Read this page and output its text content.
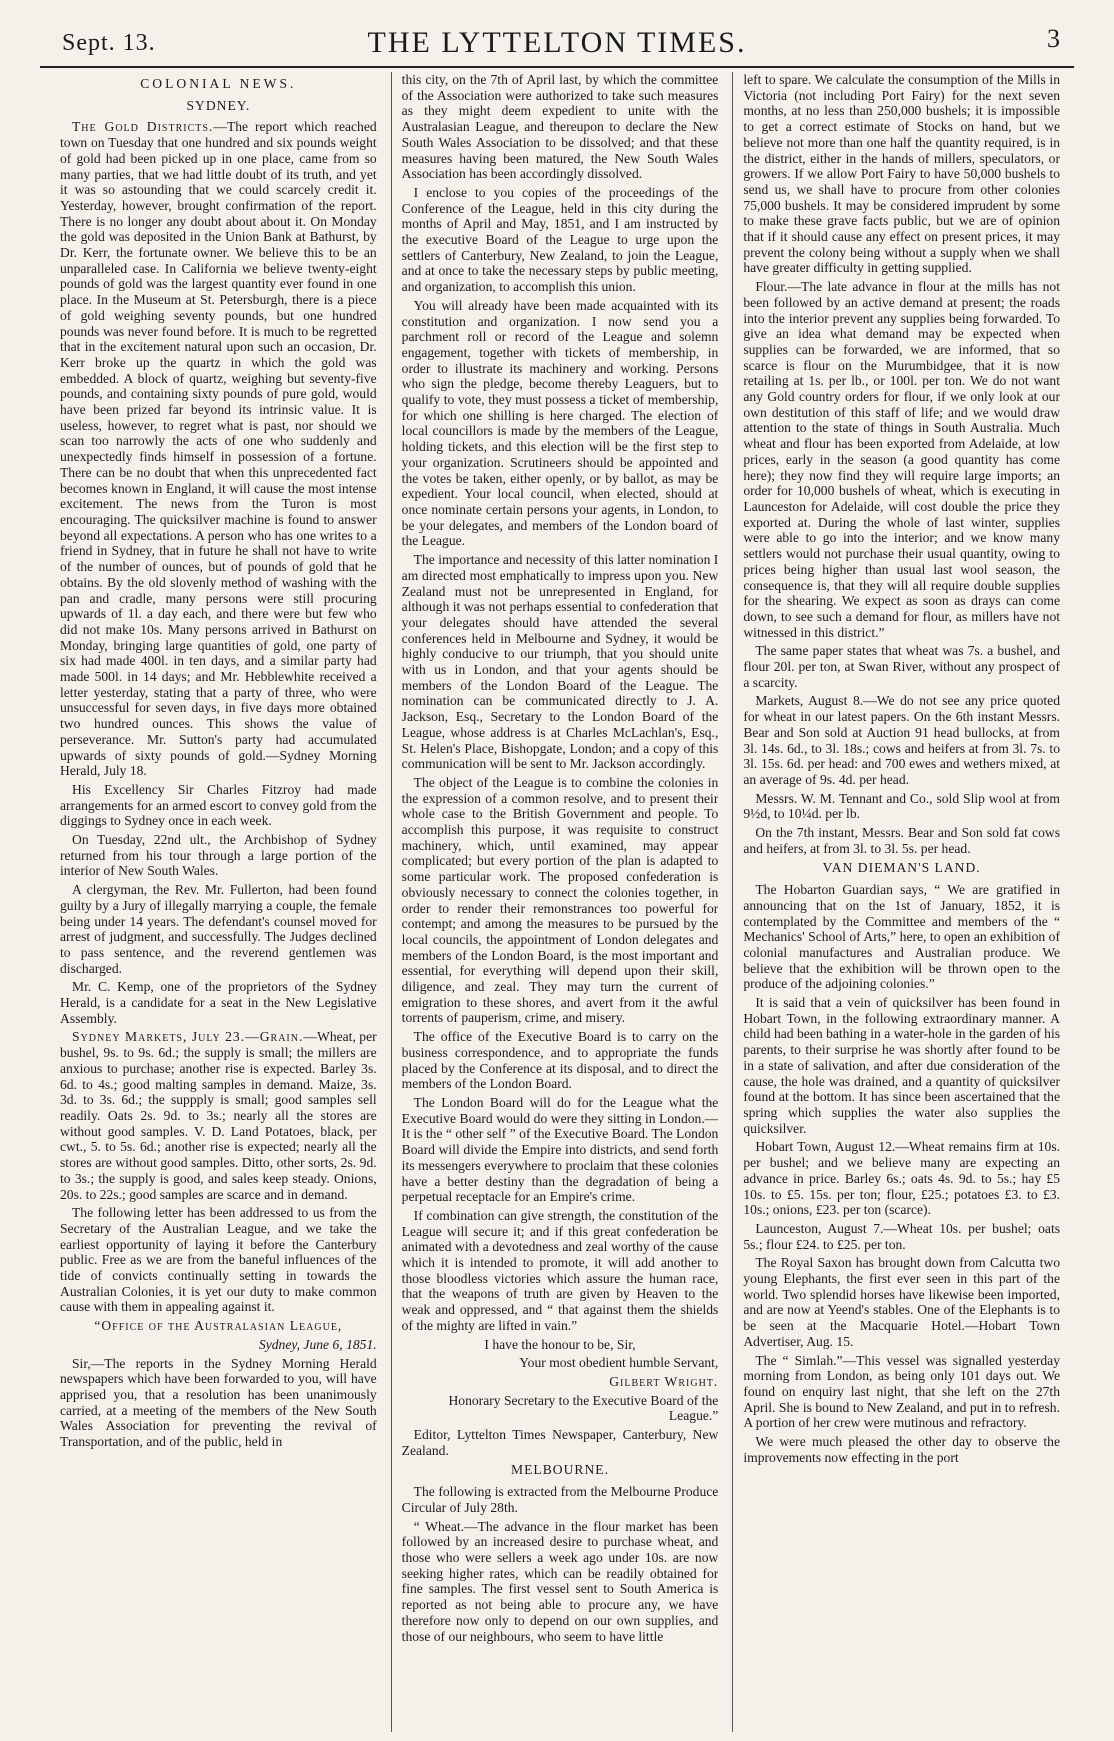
Sept. 13.	THE LYTTELTON TIMES.	3
COLONIAL NEWS.
SYDNEY.

The Gold Districts.—The report which reached town on Tuesday that one hundred and six pounds weight of gold had been picked up in one place, came from so many parties, that we had little doubt of its truth, and yet it was so astounding that we could scarcely credit it. Yesterday, however, brought confirmation of the report. There is no longer any doubt about about it. On Monday the gold was deposited in the Union Bank at Bathurst, by Dr. Kerr, the fortunate owner. We believe this to be an unparalleled case. In California we believe twenty-eight pounds of gold was the largest quantity ever found in one place. In the Museum at St. Petersburgh, there is a piece of gold weighing seventy pounds, but one hundred pounds was never found before. It is much to be regretted that in the excitement natural upon such an occasion, Dr. Kerr broke up the quartz in which the gold was embedded. A block of quartz, weighing but seventy-five pounds, and containing sixty pounds of pure gold, would have been prized far beyond its intrinsic value. It is useless, however, to regret what is past, nor should we scan too narrowly the acts of one who suddenly and unexpectedly finds himself in possession of a fortune. There can be no doubt that when this unprecedented fact becomes known in England, it will cause the most intense excitement. The news from the Turon is most encouraging. The quicksilver machine is found to answer beyond all expectations. A person who has one writes to a friend in Sydney, that in future he shall not have to write of the number of ounces, but of pounds of gold that he obtains. By the old slovenly method of washing with the pan and cradle, many persons were still procuring upwards of 1l. a day each, and there were but few who did not make 10s. Many persons arrived in Bathurst on Monday, bringing large quantities of gold, one party of six had made 400l. in ten days, and a similar party had made 500l. in 14 days; and Mr. Hebblewhite received a letter yesterday, stating that a party of three, who were unsuccessful for seven days, in five days more obtained two hundred ounces. This shows the value of perseverance. Mr. Sutton's party had accumulated upwards of sixty pounds of gold.—Sydney Morning Herald, July 18.

His Excellency Sir Charles Fitzroy had made arrangements for an armed escort to convey gold from the diggings to Sydney once in each week.

On Tuesday, 22nd ult., the Archbishop of Sydney returned from his tour through a large portion of the interior of New South Wales.

A clergyman, the Rev. Mr. Fullerton, had been found guilty by a Jury of illegally marrying a couple, the female being under 14 years. The defendant's counsel moved for arrest of judgment, and successfully. The Judges declined to pass sentence, and the reverend gentlemen was discharged.

Mr. C. Kemp, one of the proprietors of the Sydney Herald, is a candidate for a seat in the New Legislative Assembly.

Sydney Markets, July 23.—Grain.—Wheat, per bushel, 9s. to 9s. 6d.; the supply is small; the millers are anxious to purchase; another rise is expected. Barley 3s. 6d. to 4s.; good malting samples in demand. Maize, 3s. 3d. to 3s. 6d.; the suppply is small; good samples sell readily. Oats 2s. 9d. to 3s.; nearly all the stores are without good samples. V. D. Land Potatoes, black, per cwt., 5. to 5s. 6d.; another rise is expected; nearly all the stores are without good samples. Ditto, other sorts, 2s. 9d. to 3s.; the supply is good, and sales keep steady. Onions, 20s. to 22s.; good samples are scarce and in demand.

The following letter has been addressed to us from the Secretary of the Australian League, and we take the earliest opportunity of laying it before the Canterbury public. Free as we are from the baneful influences of the tide of convicts continually setting in towards the Australian Colonies, it is yet our duty to make common cause with them in appealing against it.

“Office of the Australasian League,

Sydney, June 6, 1851.

Sir,—The reports in the Sydney Morning Herald newspapers which have been forwarded to you, will have apprised you, that a resolution has been unanimously carried, at a meeting of the members of the New South Wales Association for preventing the revival of Transportation, and of the public, held in

this city, on the 7th of April last, by which the committee of the Association were authorized to take such measures as they might deem expedient to unite with the Australasian League, and thereupon to declare the New South Wales Association to be dissolved; and that these measures having been matured, the New South Wales Association has been accordingly dissolved.

I enclose to you copies of the proceedings of the Conference of the League, held in this city during the months of April and May, 1851, and I am instructed by the executive Board of the League to urge upon the settlers of Canterbury, New Zealand, to join the League, and at once to take the necessary steps by public meeting, and organization, to accomplish this union.

You will already have been made acquainted with its constitution and organization. I now send you a parchment roll or record of the League and solemn engagement, together with tickets of membership, in order to illustrate its machinery and working. Persons who sign the pledge, become thereby Leaguers, but to qualify to vote, they must possess a ticket of membership, for which one shilling is here charged. The election of local councillors is made by the members of the League, holding tickets, and this election will be the first step to your organization. Scrutineers should be appointed and the votes be taken, either openly, or by ballot, as may be expedient. Your local council, when elected, should at once nominate certain persons your agents, in London, to be your delegates, and members of the London board of the League.

The importance and necessity of this latter nomination I am directed most emphatically to impress upon you. New Zealand must not be unrepresented in England, for although it was not perhaps essential to confederation that your delegates should have attended the several conferences held in Melbourne and Sydney, it would be highly conducive to our triumph, that you should unite with us in London, and that your agents should be members of the London Board of the League. The nomination can be communicated directly to J. A. Jackson, Esq., Secretary to the London Board of the League, whose address is at Charles McLachlan's, Esq., St. Helen's Place, Bishopgate, London; and a copy of this communication will be sent to Mr. Jackson accordingly.

The object of the League is to combine the colonies in the expression of a common resolve, and to present their whole case to the British Government and people. To accomplish this purpose, it was requisite to construct machinery, which, until examined, may appear complicated; but every portion of the plan is adapted to some particular work. The proposed confederation is obviously necessary to connect the colonies together, in order to render their remonstrances too powerful for contempt; and among the measures to be pursued by the local councils, the appointment of London delegates and members of the London Board, is the most important and essential, for everything will depend upon their skill, diligence, and zeal. They may turn the current of emigration to these shores, and avert from it the awful torrents of pauperism, crime, and misery.

The office of the Executive Board is to carry on the business correspondence, and to appropriate the funds placed by the Conference at its disposal, and to direct the members of the London Board.

The London Board will do for the League what the Executive Board would do were they sitting in London.—It is the “ other self ” of the Executive Board. The London Board will divide the Empire into districts, and send forth its messengers everywhere to proclaim that these colonies have a better destiny than the degradation of being a perpetual receptacle for an Empire's crime.

If combination can give strength, the constitution of the League will secure it; and if this great confederation be animated with a devotedness and zeal worthy of the cause which it is intended to promote, it will add another to those bloodless victories which assure the human race, that the weapons of truth are given by Heaven to the weak and oppressed, and “ that against them the shields of the mighty are lifted in vain.”

I have the honour to be, Sir,

Your most obedient humble Servant,

Gilbert Wright.

Honorary Secretary to the Executive Board of the League.”

Editor, Lyttelton Times Newspaper, Canterbury, New Zealand.

MELBOURNE.

The following is extracted from the Melbourne Produce Circular of July 28th.

“ Wheat.—The advance in the flour market has been followed by an increased desire to purchase wheat, and those who were sellers a week ago under 10s. are now seeking higher rates, which can be readily obtained for fine samples. The first vessel sent to South America is reported as not being able to procure any, we have therefore now only to depend on our own supplies, and those of our neighbours, who seem to have little

left to spare. We calculate the consumption of the Mills in Victoria (not including Port Fairy) for the next seven months, at no less than 250,000 bushels; it is impossible to get a correct estimate of Stocks on hand, but we believe not more than one half the quantity required, is in the district, either in the hands of millers, speculators, or growers. If we allow Port Fairy to have 50,000 bushels to send us, we shall have to procure from other colonies 75,000 bushels. It may be considered imprudent by some to make these grave facts public, but we are of opinion that if it should cause any effect on present prices, it may prevent the colony being without a supply when we shall have greater difficulty in getting supplied.

Flour.—The late advance in flour at the mills has not been followed by an active demand at present; the roads into the interior prevent any supplies being forwarded. To give an idea what demand may be expected when supplies can be forwarded, we are informed, that so scarce is flour on the Murumbidgee, that it is now retailing at 1s. per lb., or 100l. per ton. We do not want any Gold country orders for flour, if we only look at our own destitution of this staff of life; and we would draw attention to the state of things in South Australia. Much wheat and flour has been exported from Adelaide, at low prices, early in the season (a good quantity has come here); they now find they will require large imports; an order for 10,000 bushels of wheat, which is executing in Launceston for Adelaide, will cost double the price they exported at. During the whole of last winter, supplies were able to go into the interior; and we know many settlers would not purchase their usual quantity, owing to prices being higher than usual last wool season, the consequence is, that they will all require double supplies for the shearing. We expect as soon as drays can come down, to see such a demand for flour, as millers have not witnessed in this district.”

The same paper states that wheat was 7s. a bushel, and flour 20l. per ton, at Swan River, without any prospect of a scarcity.

Markets, August 8.—We do not see any price quoted for wheat in our latest papers. On the 6th instant Messrs. Bear and Son sold at Auction 91 head bullocks, at from 3l. 14s. 6d., to 3l. 18s.; cows and heifers at from 3l. 7s. to 3l. 15s. 6d. per head: and 700 ewes and wethers mixed, at an average of 9s. 4d. per head.

Messrs. W. M. Tennant and Co., sold Slip wool at from 9½d, to 10¼d. per lb.

On the 7th instant, Messrs. Bear and Son sold fat cows and heifers, at from 3l. to 3l. 5s. per head.

VAN DIEMAN'S LAND.

The Hobarton Guardian says, “ We are gratified in announcing that on the 1st of January, 1852, it is contemplated by the Committee and members of the “ Mechanics' School of Arts,” here, to open an exhibition of colonial manufactures and Australian produce. We believe that the exhibition will be thrown open to the produce of the adjoining colonies.”

It is said that a vein of quicksilver has been found in Hobart Town, in the following extraordinary manner. A child had been bathing in a water-hole in the garden of his parents, to their surprise he was shortly after found to be in a state of salivation, and after due consideration of the cause, the hole was drained, and a quantity of quicksilver found at the bottom. It has since been ascertained that the spring which supplies the water also supplies the quicksilver.

Hobart Town, August 12.—Wheat remains firm at 10s. per bushel; and we believe many are expecting an advance in price. Barley 6s.; oats 4s. 9d. to 5s.; hay £5 10s. to £5. 15s. per ton; flour, £25.; potatoes £3. to £3. 10s.; onions, £23. per ton (scarce).

Launceston, August 7.—Wheat 10s. per bushel; oats 5s.; flour £24. to £25. per ton.

The Royal Saxon has brought down from Calcutta two young Elephants, the first ever seen in this part of the world. Two splendid horses have likewise been imported, and are now at Yeend's stables. One of the Elephants is to be seen at the Macquarie Hotel.—Hobart Town Advertiser, Aug. 15.

The “ Simlah.”—This vessel was signalled yesterday morning from London, as being only 101 days out. We found on enquiry last night, that she left on the 27th April. She is bound to New Zealand, and put in to refresh. A portion of her crew were mutinous and refractory.

We were much pleased the other day to observe the improvements now effecting in the port
